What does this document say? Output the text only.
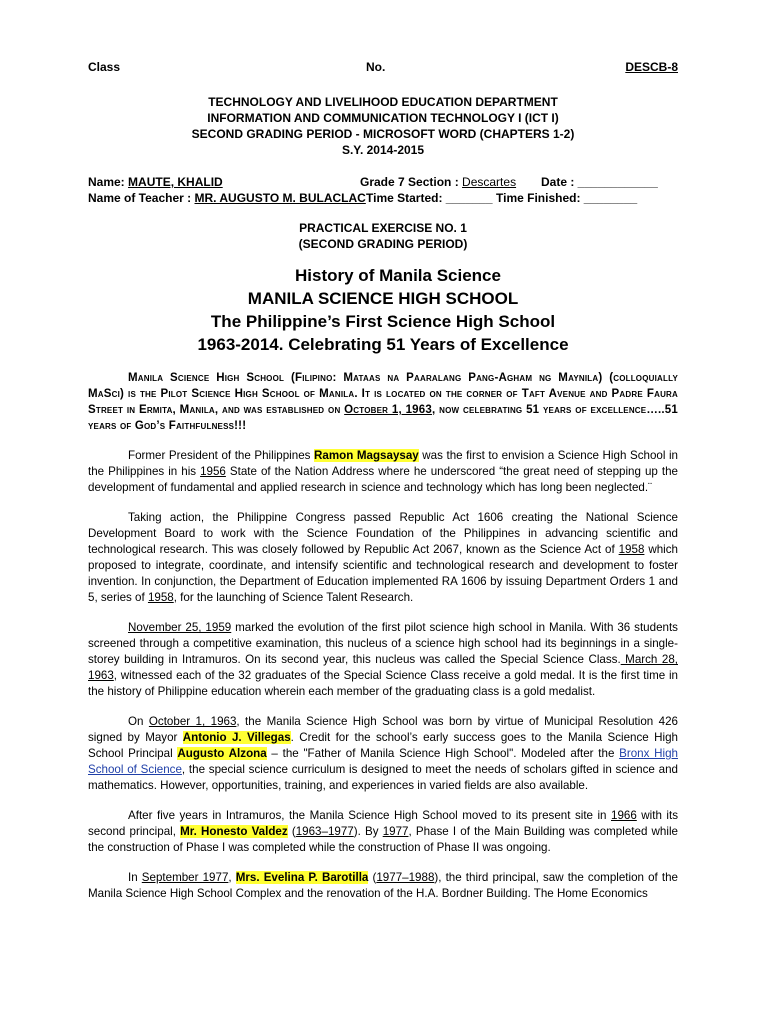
Class	No.	DESCB-8
TECHNOLOGY AND LIVELIHOOD EDUCATION DEPARTMENT
INFORMATION AND COMMUNICATION TECHNOLOGY I (ICT I)
SECOND GRADING PERIOD - MICROSOFT WORD (CHAPTERS 1-2)
S.Y. 2014-2015
Name: MAUTE, KHALID	Grade 7 Section : Descartes Date : ____________
Name of Teacher : MR. AUGUSTO M. BULACLAC Time Started: _______ Time Finished: ________
PRACTICAL EXERCISE NO. 1
(SECOND GRADING PERIOD)
History of Manila Science
MANILA SCIENCE HIGH SCHOOL
The Philippine’s First Science High School
1963-2014. Celebrating 51 Years of Excellence

Manila Science High School (Filipino: Mataas na Paaralang Pang-Agham ng Maynila) (colloquially MaSci) is the Pilot Science High School of Manila. It is located on the corner of Taft Avenue and Padre Faura Street in Ermita, Manila, and was established on October 1, 1963, now celebrating 51 years of excellence…..51 years of God’s Faithfulness!!!

Former President of the Philippines Ramon Magsaysay was the first to envision a Science High School in the Philippines in his 1956 State of the Nation Address where he underscored “the great need of stepping up the development of fundamental and applied research in science and technology which has long been neglected.¨

Taking action, the Philippine Congress passed Republic Act 1606 creating the National Science Development Board to work with the Science Foundation of the Philippines in advancing scientific and technological research. This was closely followed by Republic Act 2067, known as the Science Act of 1958 which proposed to integrate, coordinate, and intensify scientific and technological research and development to foster invention. In conjunction, the Department of Education implemented RA 1606 by issuing Department Orders 1 and 5, series of 1958, for the launching of Science Talent Research.

November 25, 1959 marked the evolution of the first pilot science high school in Manila. With 36 students screened through a competitive examination, this nucleus of a science high school had its beginnings in a single-storey building in Intramuros. On its second year, this nucleus was called the Special Science Class. March 28, 1963, witnessed each of the 32 graduates of the Special Science Class receive a gold medal. It is the first time in the history of Philippine education wherein each member of the graduating class is a gold medalist.

On October 1, 1963, the Manila Science High School was born by virtue of Municipal Resolution 426 signed by Mayor Antonio J. Villegas. Credit for the school’s early success goes to the Manila Science High School Principal Augusto Alzona – the "Father of Manila Science High School". Modeled after the Bronx High School of Science, the special science curriculum is designed to meet the needs of scholars gifted in science and mathematics. However, opportunities, training, and experiences in varied fields are also available.

After five years in Intramuros, the Manila Science High School moved to its present site in 1966 with its second principal, Mr. Honesto Valdez (1963–1977). By 1977, Phase I of the Main Building was completed while the construction of Phase I was completed while the construction of Phase II was ongoing.

In September 1977, Mrs. Evelina P. Barotilla (1977–1988), the third principal, saw the completion of the Manila Science High School Complex and the renovation of the H.A. Bordner Building. The Home Economics
